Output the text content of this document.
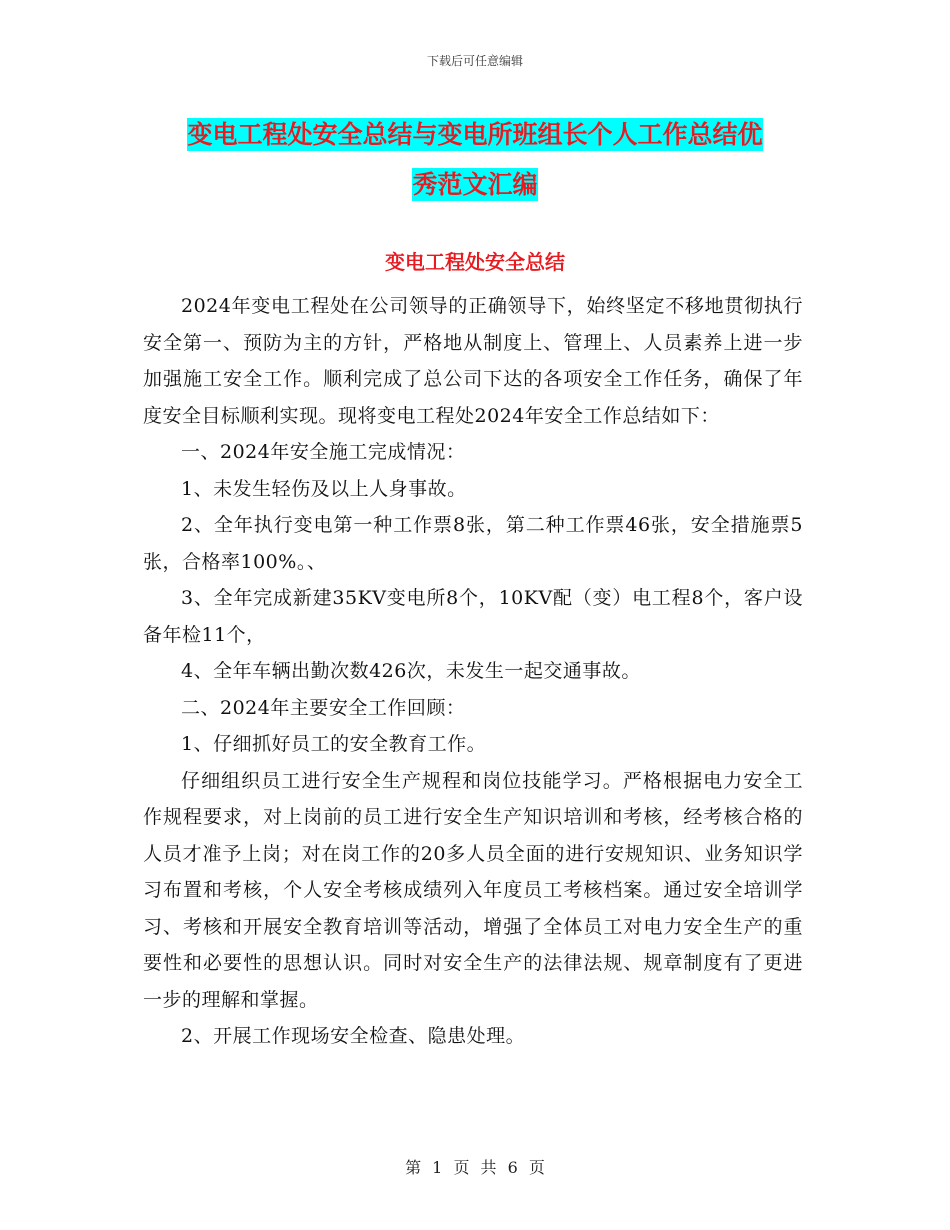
下载后可任意编辑
变电工程处安全总结与变电所班组长个人工作总结优
秀范文汇编
变电工程处安全总结

2024年变电工程处在公司领导的正确领导下，始终坚定不移地贯彻执行安全第一、预防为主的方针，严格地从制度上、管理上、人员素养上进一步加强施工安全工作。顺利完成了总公司下达的各项安全工作任务，确保了年度安全目标顺利实现。现将变电工程处2024年安全工作总结如下：

一、2024年安全施工完成情况：

1、未发生轻伤及以上人身事故。

2、全年执行变电第一种工作票8张，第二种工作票46张，安全措施票5张，合格率100%。、

3、全年完成新建35KV变电所8个，10KV配（变）电工程8个，客户设备年检11个，

4、全年车辆出勤次数426次，未发生一起交通事故。

二、2024年主要安全工作回顾：

1、仔细抓好员工的安全教育工作。

仔细组织员工进行安全生产规程和岗位技能学习。严格根据电力安全工作规程要求，对上岗前的员工进行安全生产知识培训和考核，经考核合格的人员才准予上岗；对在岗工作的20多人员全面的进行安规知识、业务知识学习布置和考核，个人安全考核成绩列入年度员工考核档案。通过安全培训学习、考核和开展安全教育培训等活动，增强了全体员工对电力安全生产的重要性和必要性的思想认识。同时对安全生产的法律法规、规章制度有了更进一步的理解和掌握。

2、开展工作现场安全检查、隐患处理。

第 1 页 共 6 页
